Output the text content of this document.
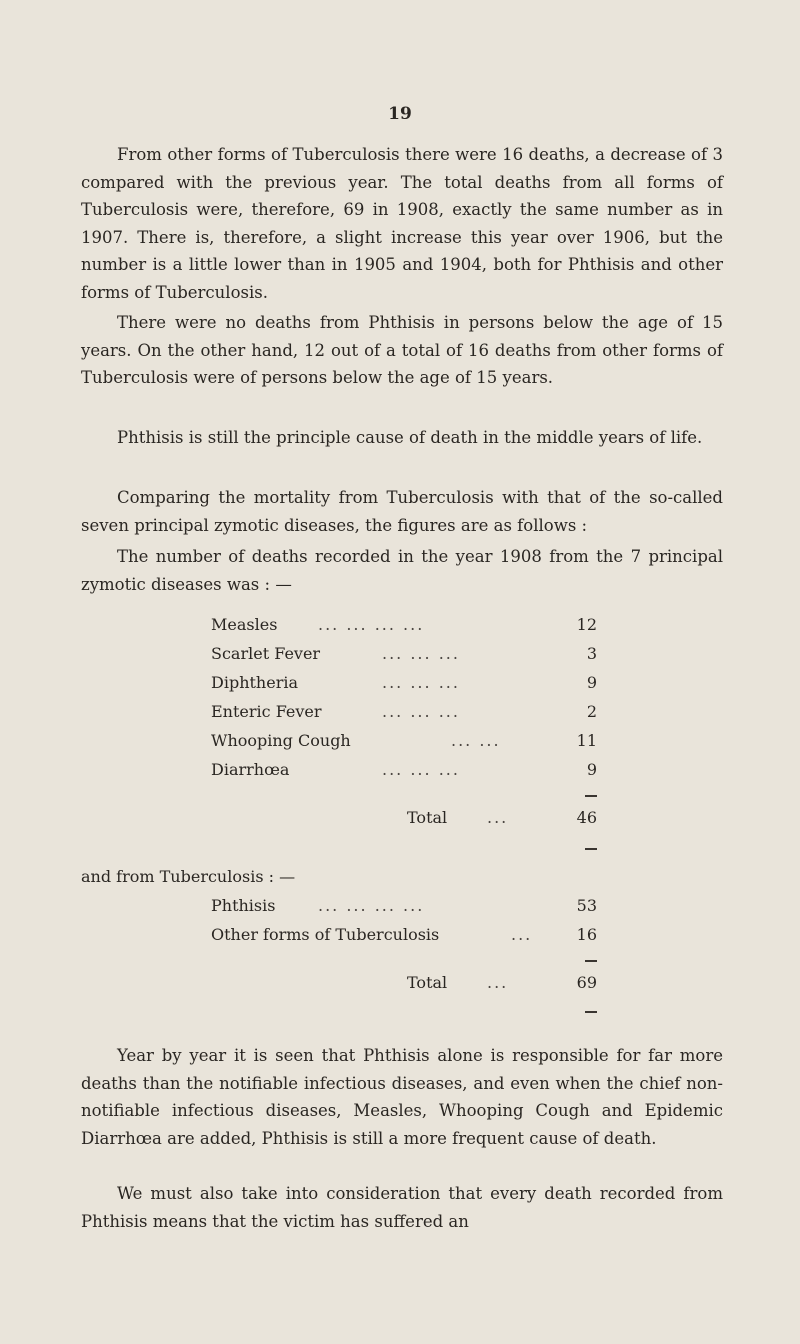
19

From other forms of Tuberculosis there were 16 deaths, a decrease of 3 compared with the previous year. The total deaths from all forms of Tuberculosis were, therefore, 69 in 1908, exactly the same number as in 1907. There is, therefore, a slight increase this year over 1906, but the number is a little lower than in 1905 and 1904, both for Phthisis and other forms of Tuberculosis.

There were no deaths from Phthisis in persons below the age of 15 years. On the other hand, 12 out of a total of 16 deaths from other forms of Tuberculosis were of persons below the age of 15 years.

Phthisis is still the principle cause of death in the middle years of life.

Comparing the mortality from Tuberculosis with that of the so-called seven principal zymotic diseases, the figures are as follows :

The number of deaths recorded in the year 1908 from the 7 principal zymotic diseases was : —

Measles	... ... ... ...	12
Scarlet Fever	... ... ...	3
Diphtheria	... ... ...	9
Enteric Fever	... ... ...	2
Whooping Cough	... ...	11
Diarrhœa	... ... ...	9
Total ...	46
and from Tuberculosis : —
Phthisis	... ... ... ...	53
Other forms of Tuberculosis	...	16
Total ...	69

Year by year it is seen that Phthisis alone is responsible for far more deaths than the notifiable infectious diseases, and even when the chief non-notifiable infectious diseases, Measles, Whooping Cough and Epidemic Diarrhœa are added, Phthisis is still a more frequent cause of death.

We must also take into consideration that every death recorded from Phthisis means that the victim has suffered an
